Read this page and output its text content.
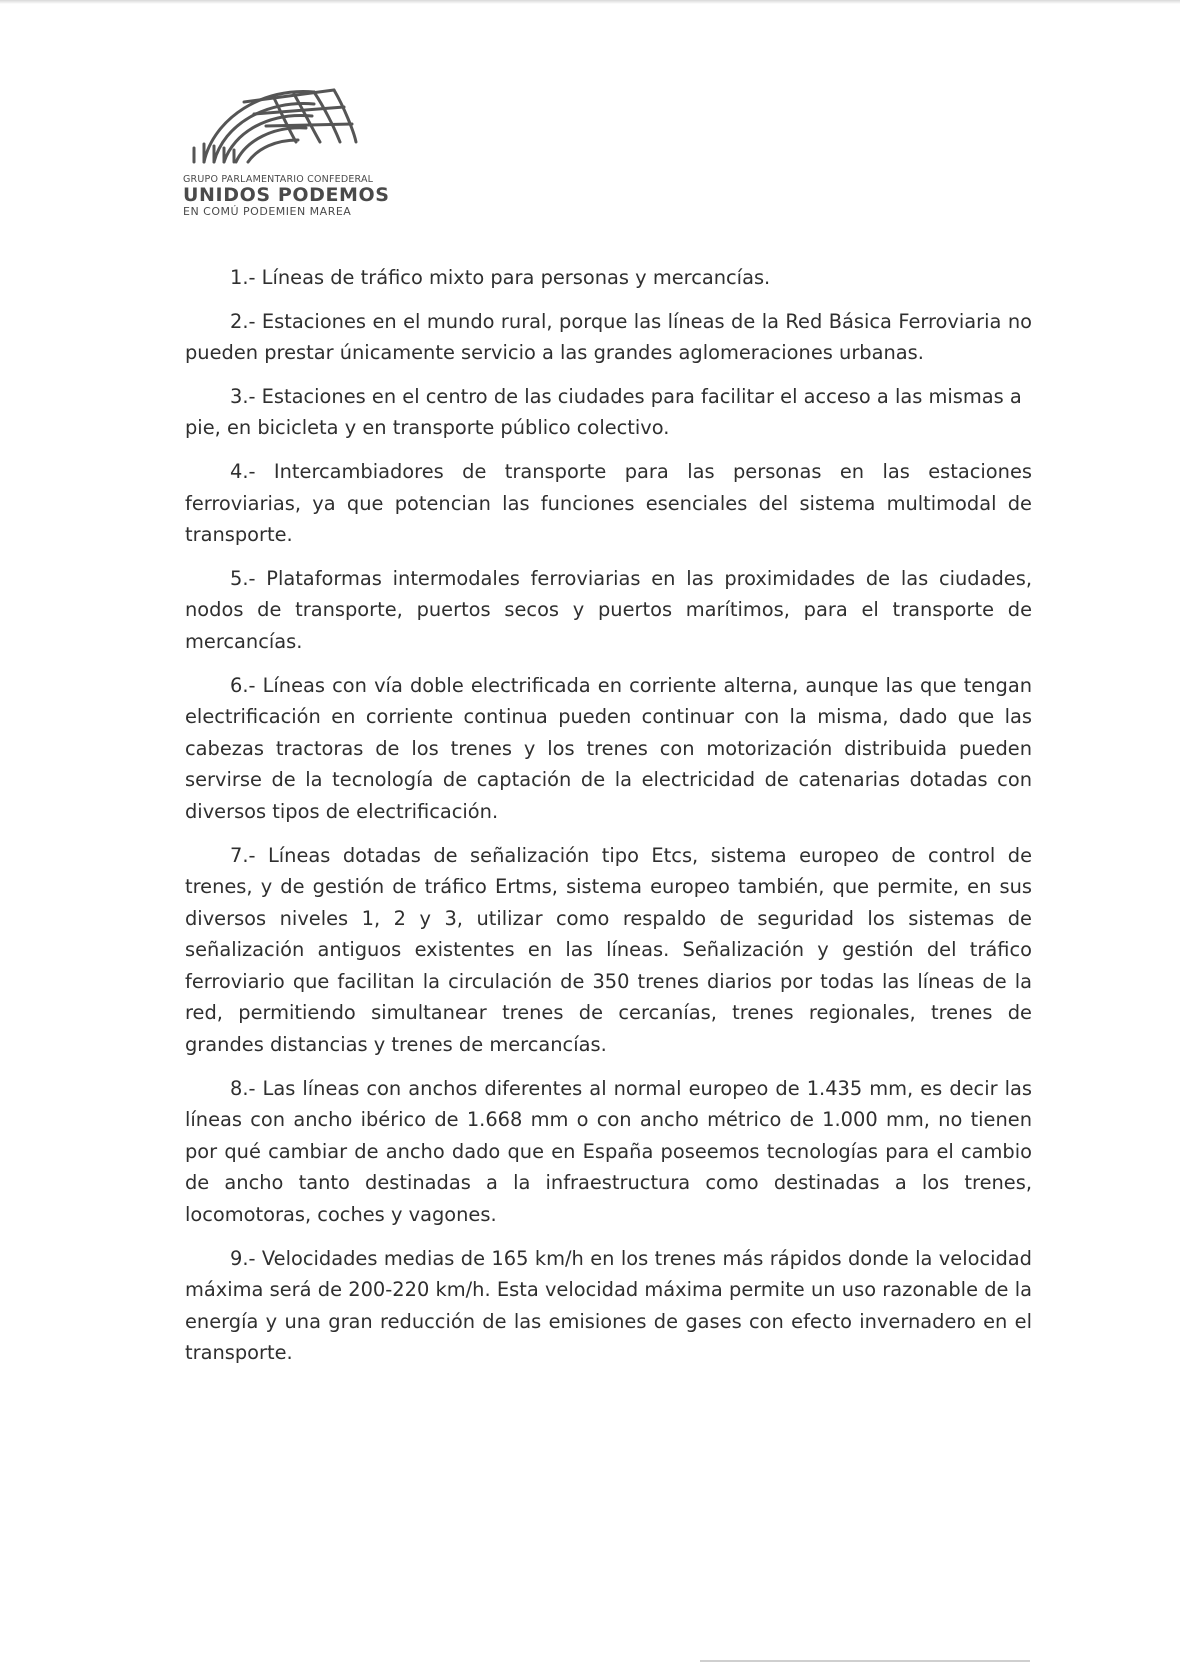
GRUPO PARLAMENTARIO CONFEDERAL
UNIDOS PODEMOS
EN COMÚ PODEMIEN MAREA

1.- Líneas de tráfico mixto para personas y mercancías.

2.- Estaciones en el mundo rural, porque las líneas de la Red Básica Ferroviaria no pueden prestar únicamente servicio a las grandes aglomeraciones urbanas.

3.- Estaciones en el centro de las ciudades para facilitar el acceso a las mismas a pie, en bicicleta y en transporte público colectivo.

4.- Intercambiadores de transporte para las personas en las estaciones ferroviarias, ya que potencian las funciones esenciales del sistema multimodal de transporte.

5.- Plataformas intermodales ferroviarias en las proximidades de las ciudades, nodos de transporte, puertos secos y puertos marítimos, para el transporte de mercancías.

6.- Líneas con vía doble electrificada en corriente alterna, aunque las que tengan electrificación en corriente continua pueden continuar con la misma, dado que las cabezas tractoras de los trenes y los trenes con motorización distribuida pueden servirse de la tecnología de captación de la electricidad de catenarias dotadas con diversos tipos de electrificación.

7.- Líneas dotadas de señalización tipo Etcs, sistema europeo de control de trenes, y de gestión de tráfico Ertms, sistema europeo también, que permite, en sus diversos niveles 1, 2 y 3, utilizar como respaldo de seguridad los sistemas de señalización antiguos existentes en las líneas. Señalización y gestión del tráfico ferroviario que facilitan la circulación de 350 trenes diarios por todas las líneas de la red, permitiendo simultanear trenes de cercanías, trenes regionales, trenes de grandes distancias y trenes de mercancías.

8.- Las líneas con anchos diferentes al normal europeo de 1.435 mm, es decir las líneas con ancho ibérico de 1.668 mm o con ancho métrico de 1.000 mm, no tienen por qué cambiar de ancho dado que en España poseemos tecnologías para el cambio de ancho tanto destinadas a la infraestructura como destinadas a los trenes, locomotoras, coches y vagones.

9.- Velocidades medias de 165 km/h en los trenes más rápidos donde la velocidad máxima será de 200-220 km/h. Esta velocidad máxima permite un uso razonable de la energía y una gran reducción de las emisiones de gases con efecto invernadero en el transporte.
